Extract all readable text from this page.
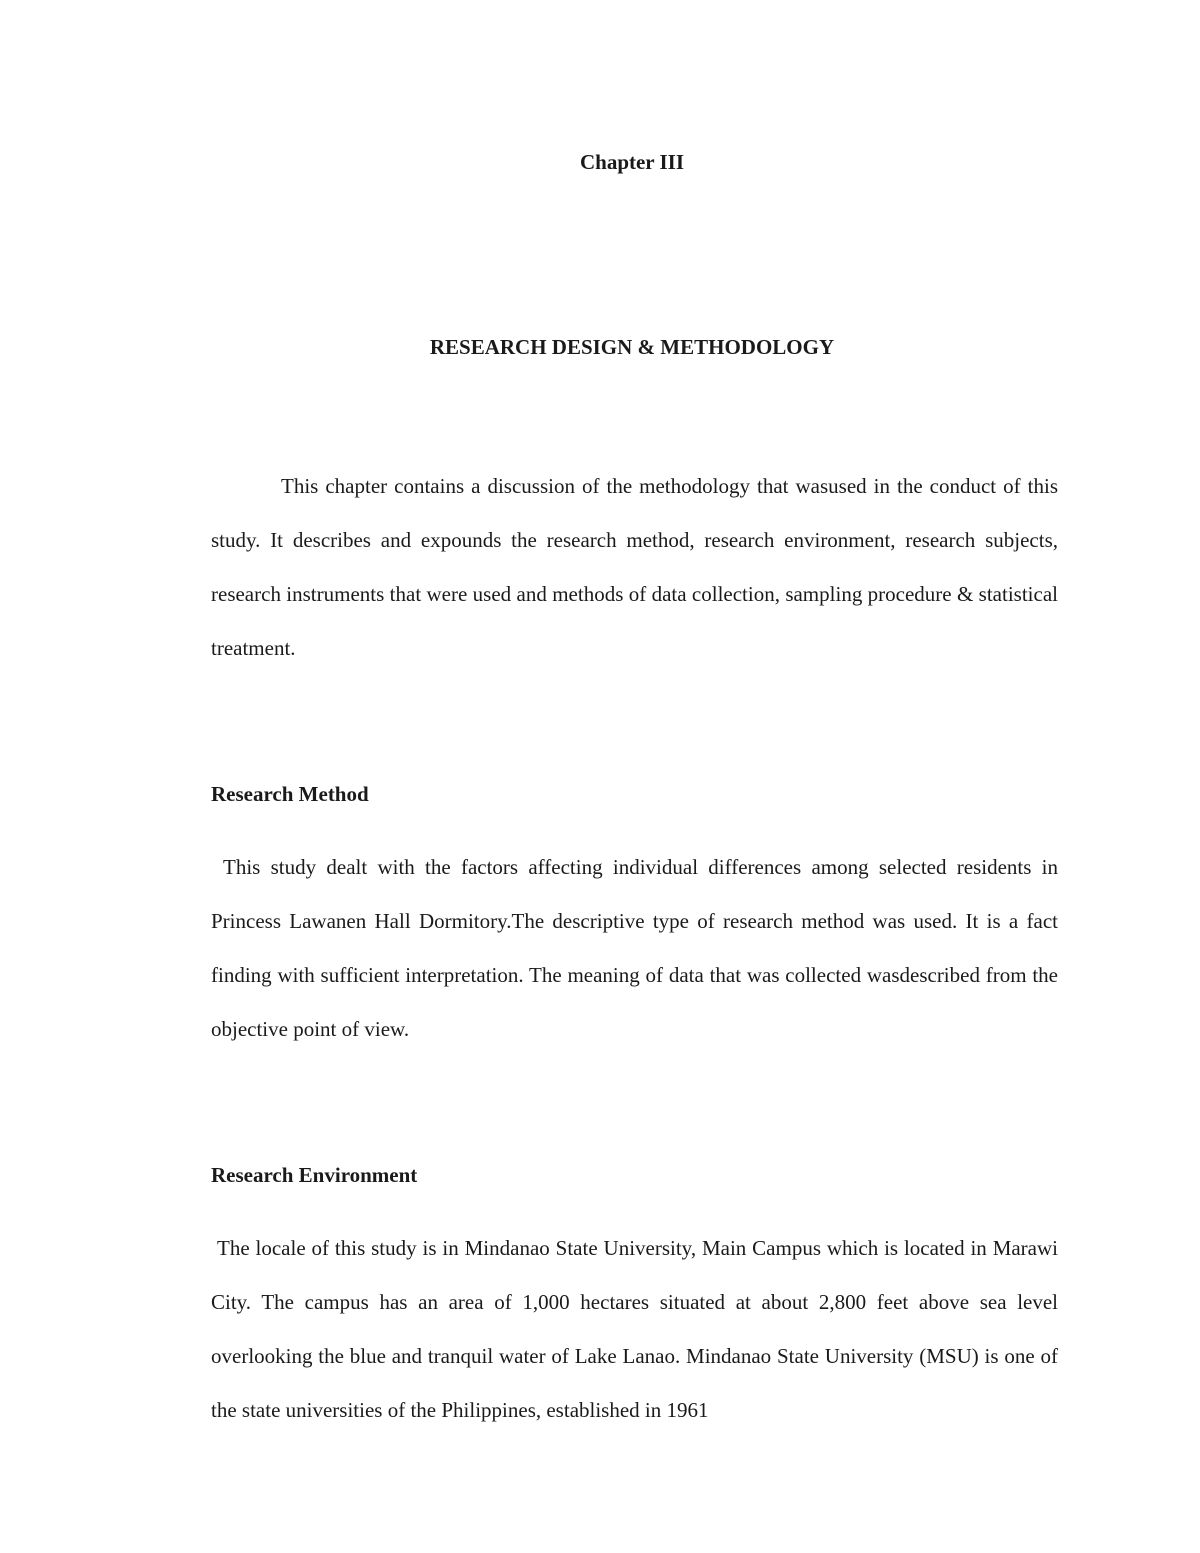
Chapter III
RESEARCH DESIGN & METHODOLOGY

This chapter contains a discussion of the methodology that wasused in the conduct of this study. It describes and expounds the research method, research environment, research subjects, research instruments that were used and methods of data collection, sampling procedure & statistical treatment.

Research Method

This study dealt with the factors affecting individual differences among selected residents in Princess Lawanen Hall Dormitory.The descriptive type of research method was used. It is a fact finding with sufficient interpretation. The meaning of data that was collected wasdescribed from the objective point of view.

Research Environment

The locale of this study is in Mindanao State University, Main Campus which is located in Marawi City. The campus has an area of 1,000 hectares situated at about 2,800 feet above sea level overlooking the blue and tranquil water of Lake Lanao. Mindanao State University (MSU) is one of the state universities of the Philippines, established in 1961
